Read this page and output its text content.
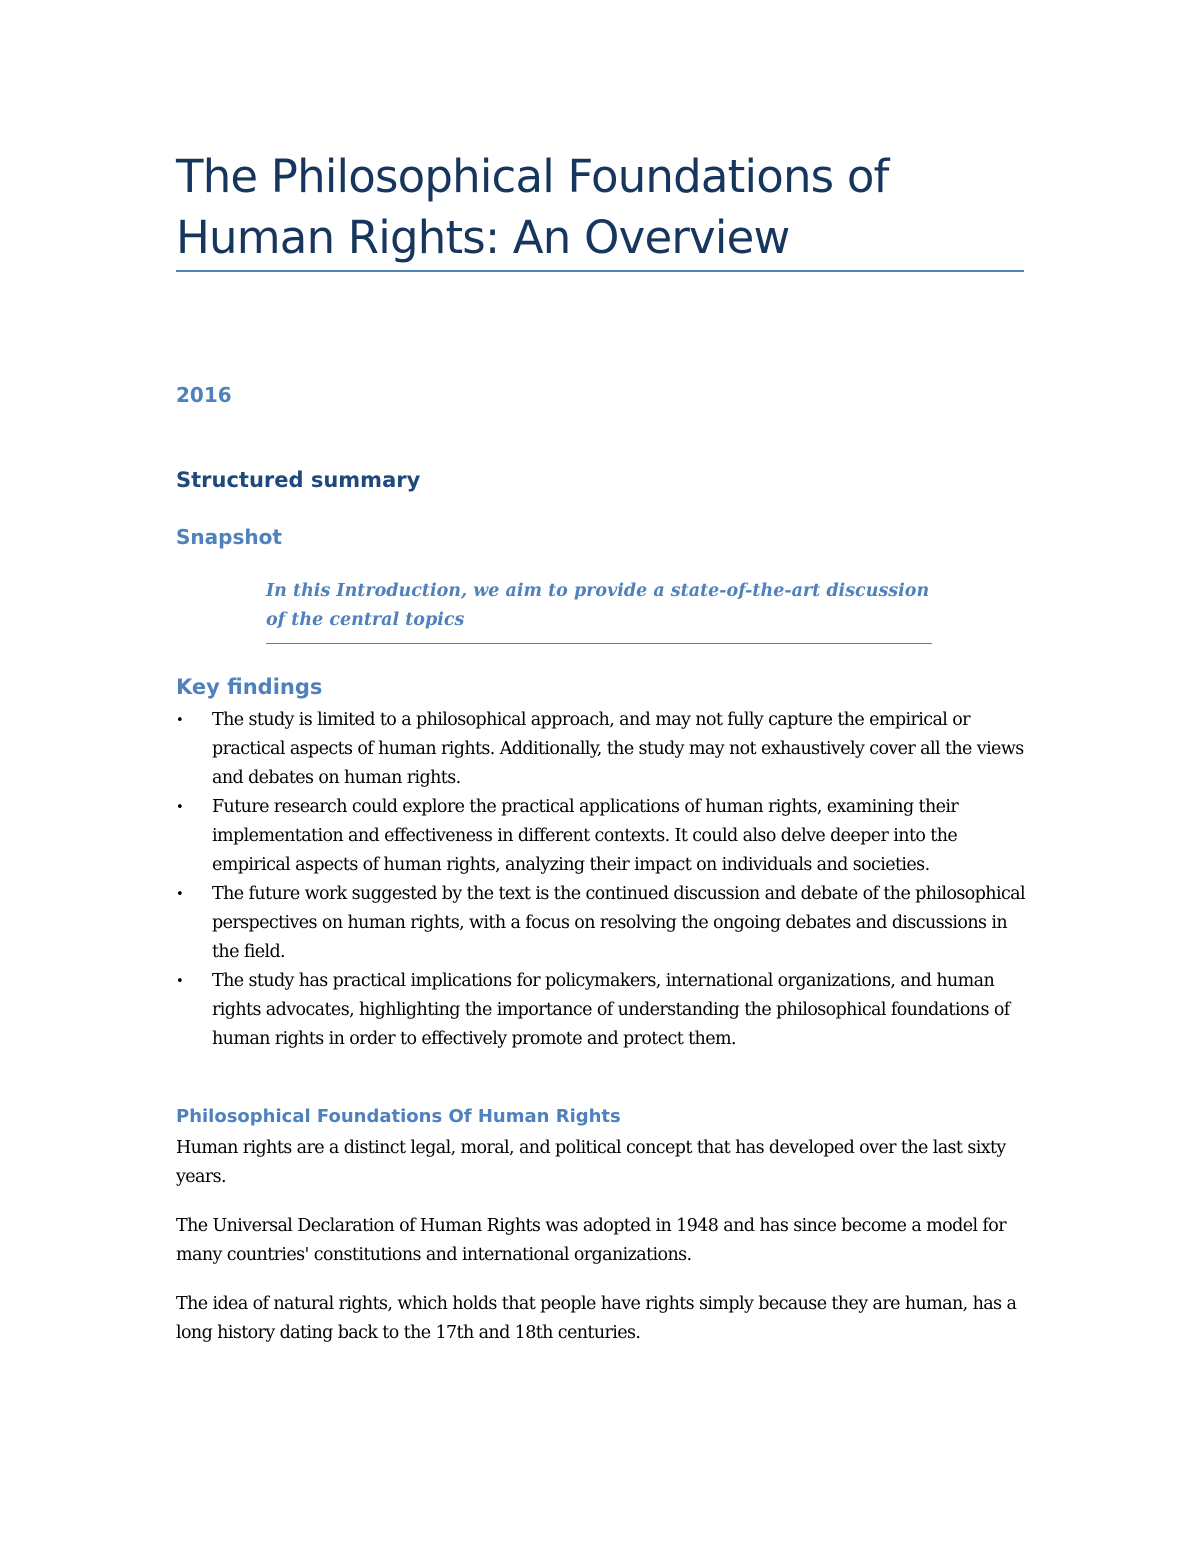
The Philosophical Foundations of Human Rights: An Overview
2016
Structured summary
Snapshot
In this Introduction, we aim to provide a state-of-the-art discussion of the central topics
Key findings
• The study is limited to a philosophical approach, and may not fully capture the empirical or practical aspects of human rights. Additionally, the study may not exhaustively cover all the views and debates on human rights.
• Future research could explore the practical applications of human rights, examining their implementation and effectiveness in different contexts. It could also delve deeper into the empirical aspects of human rights, analyzing their impact on individuals and societies.
• The future work suggested by the text is the continued discussion and debate of the philosophical perspectives on human rights, with a focus on resolving the ongoing debates and discussions in the field.
• The study has practical implications for policymakers, international organizations, and human rights advocates, highlighting the importance of understanding the philosophical foundations of human rights in order to effectively promote and protect them.
Philosophical Foundations Of Human Rights

Human rights are a distinct legal, moral, and political concept that has developed over the last sixty years.

The Universal Declaration of Human Rights was adopted in 1948 and has since become a model for many countries' constitutions and international organizations.

The idea of natural rights, which holds that people have rights simply because they are human, has a long history dating back to the 17th and 18th centuries.
